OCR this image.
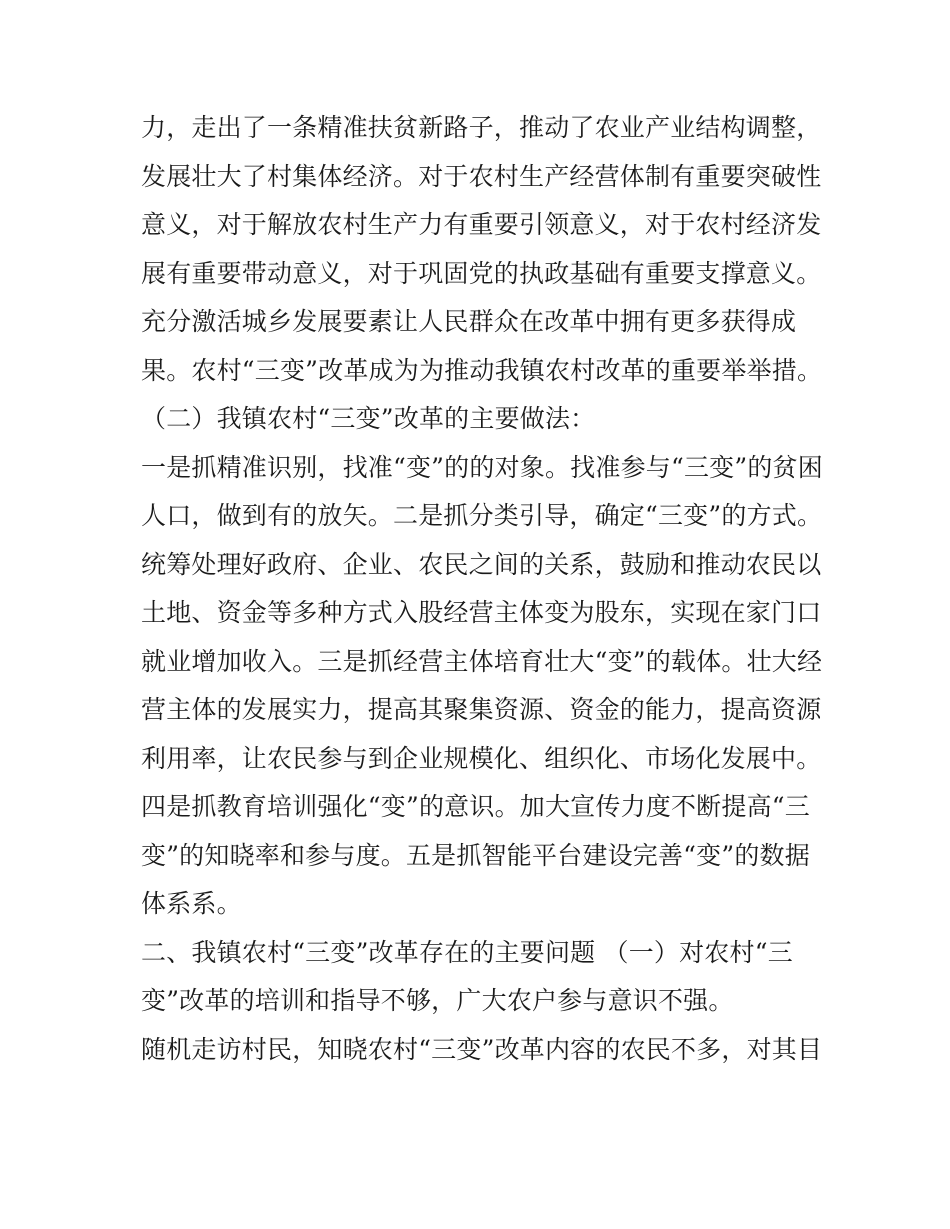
力，走出了一条精准扶贫新路子，推动了农业产业结构调整，
发展壮大了村集体经济。对于农村生产经营体制有重要突破性
意义，对于解放农村生产力有重要引领意义，对于农村经济发
展有重要带动意义，对于巩固党的执政基础有重要支撑意义。
充分激活城乡发展要素让人民群众在改革中拥有更多获得成
果。农村“三变”改革成为为推动我镇农村改革的重要举举措。
（二）我镇农村“三变”改革的主要做法：
一是抓精准识别，找准“变”的的对象。找准参与“三变”的贫困
人口，做到有的放矢。二是抓分类引导，确定“三变”的方式。
统筹处理好政府、企业、农民之间的关系，鼓励和推动农民以
土地、资金等多种方式入股经营主体变为股东，实现在家门口
就业增加收入。三是抓经营主体培育壮大“变”的载体。壮大经
营主体的发展实力，提高其聚集资源、资金的能力，提高资源
利用率，让农民参与到企业规模化、组织化、市场化发展中。
四是抓教育培训强化“变”的意识。加大宣传力度不断提高“三
变”的知晓率和参与度。五是抓智能平台建设完善“变”的数据
体系系。
二、我镇农村“三变”改革存在的主要问题 （一）对农村“三
变”改革的培训和指导不够，广大农户参与意识不强。
随机走访村民，知晓农村“三变”改革内容的农民不多，对其目
